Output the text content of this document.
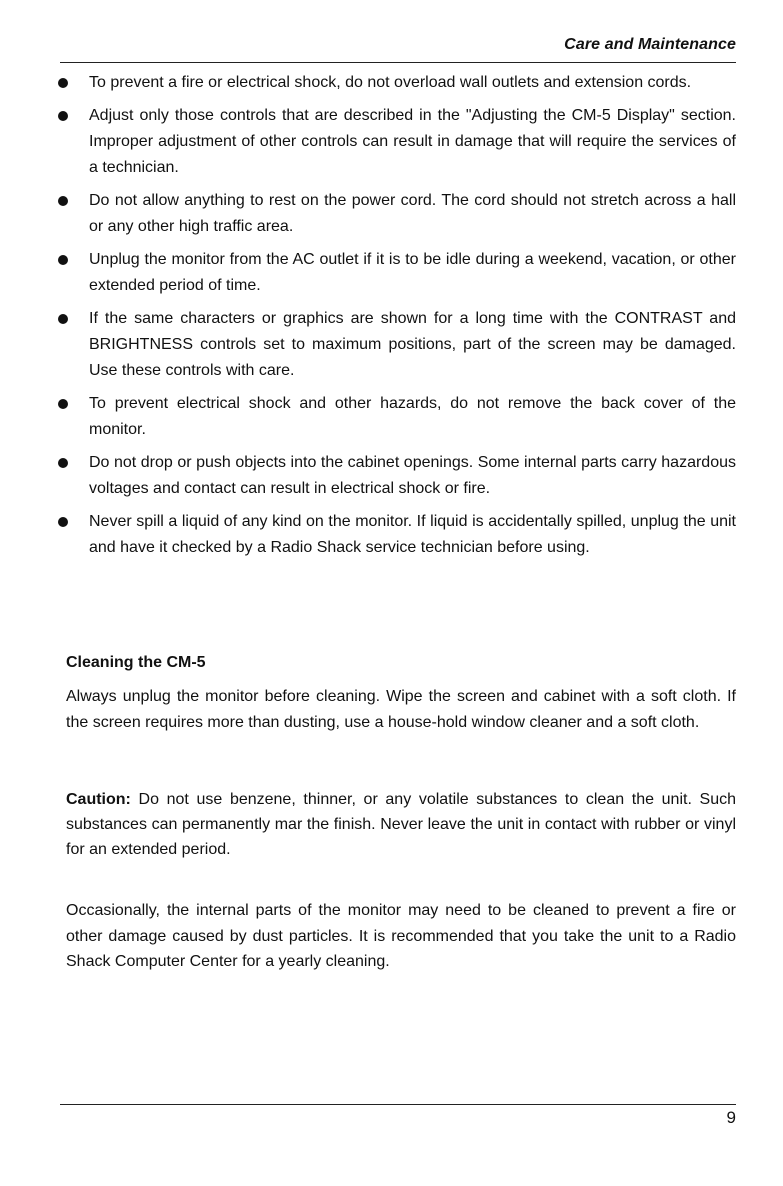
Care and Maintenance
To prevent a fire or electrical shock, do not overload wall outlets and extension cords.
Adjust only those controls that are described in the "Adjusting the CM-5 Display" section. Improper adjustment of other controls can result in damage that will require the services of a technician.
Do not allow anything to rest on the power cord. The cord should not stretch across a hall or any other high traffic area.
Unplug the monitor from the AC outlet if it is to be idle during a weekend, vacation, or other extended period of time.
If the same characters or graphics are shown for a long time with the CONTRAST and BRIGHTNESS controls set to maximum positions, part of the screen may be damaged. Use these controls with care.
To prevent electrical shock and other hazards, do not remove the back cover of the monitor.
Do not drop or push objects into the cabinet openings. Some internal parts carry hazardous voltages and contact can result in electrical shock or fire.
Never spill a liquid of any kind on the monitor. If liquid is accidentally spilled, unplug the unit and have it checked by a Radio Shack service technician before using.
Cleaning the CM-5

Always unplug the monitor before cleaning. Wipe the screen and cabinet with a soft cloth. If the screen requires more than dusting, use a house-hold window cleaner and a soft cloth.

Caution: Do not use benzene, thinner, or any volatile substances to clean the unit. Such substances can permanently mar the finish. Never leave the unit in contact with rubber or vinyl for an extended period.

Occasionally, the internal parts of the monitor may need to be cleaned to prevent a fire or other damage caused by dust particles. It is recommended that you take the unit to a Radio Shack Computer Center for a yearly cleaning.

9
